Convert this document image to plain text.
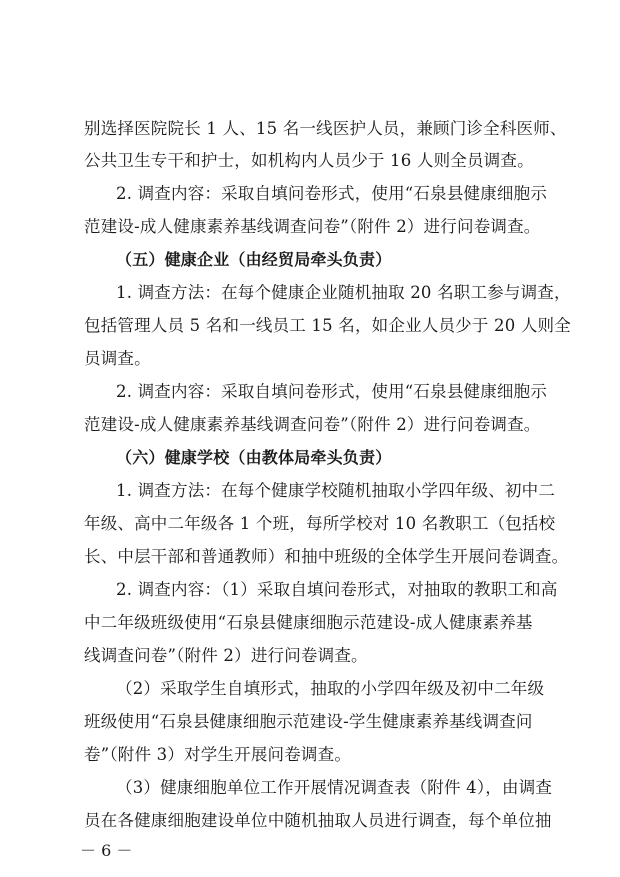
别选择医院院长 1 人、15 名一线医护人员，兼顾门诊全科医师、
公共卫生专干和护士，如机构内人员少于 16 人则全员调查。
2. 调查内容：采取自填问卷形式，使用“石泉县健康细胞示
范建设-成人健康素养基线调查问卷”（附件 2）进行问卷调查。
（五）健康企业（由经贸局牵头负责）
1. 调查方法：在每个健康企业随机抽取 20 名职工参与调查，
包括管理人员 5 名和一线员工 15 名，如企业人员少于 20 人则全
员调查。
2. 调查内容：采取自填问卷形式，使用“石泉县健康细胞示
范建设-成人健康素养基线调查问卷”（附件 2）进行问卷调查。
（六）健康学校（由教体局牵头负责）
1. 调查方法：在每个健康学校随机抽取小学四年级、初中二
年级、高中二年级各 1 个班，每所学校对 10 名教职工（包括校
长、中层干部和普通教师）和抽中班级的全体学生开展问卷调查。
2. 调查内容：（1）采取自填问卷形式，对抽取的教职工和高
中二年级班级使用“石泉县健康细胞示范建设-成人健康素养基
线调查问卷”（附件 2）进行问卷调查。
（2）采取学生自填形式，抽取的小学四年级及初中二年级
班级使用“石泉县健康细胞示范建设-学生健康素养基线调查问
卷”（附件 3）对学生开展问卷调查。
（3）健康细胞单位工作开展情况调查表（附件 4），由调查
员在各健康细胞建设单位中随机抽取人员进行调查，每个单位抽
－ 6 －
